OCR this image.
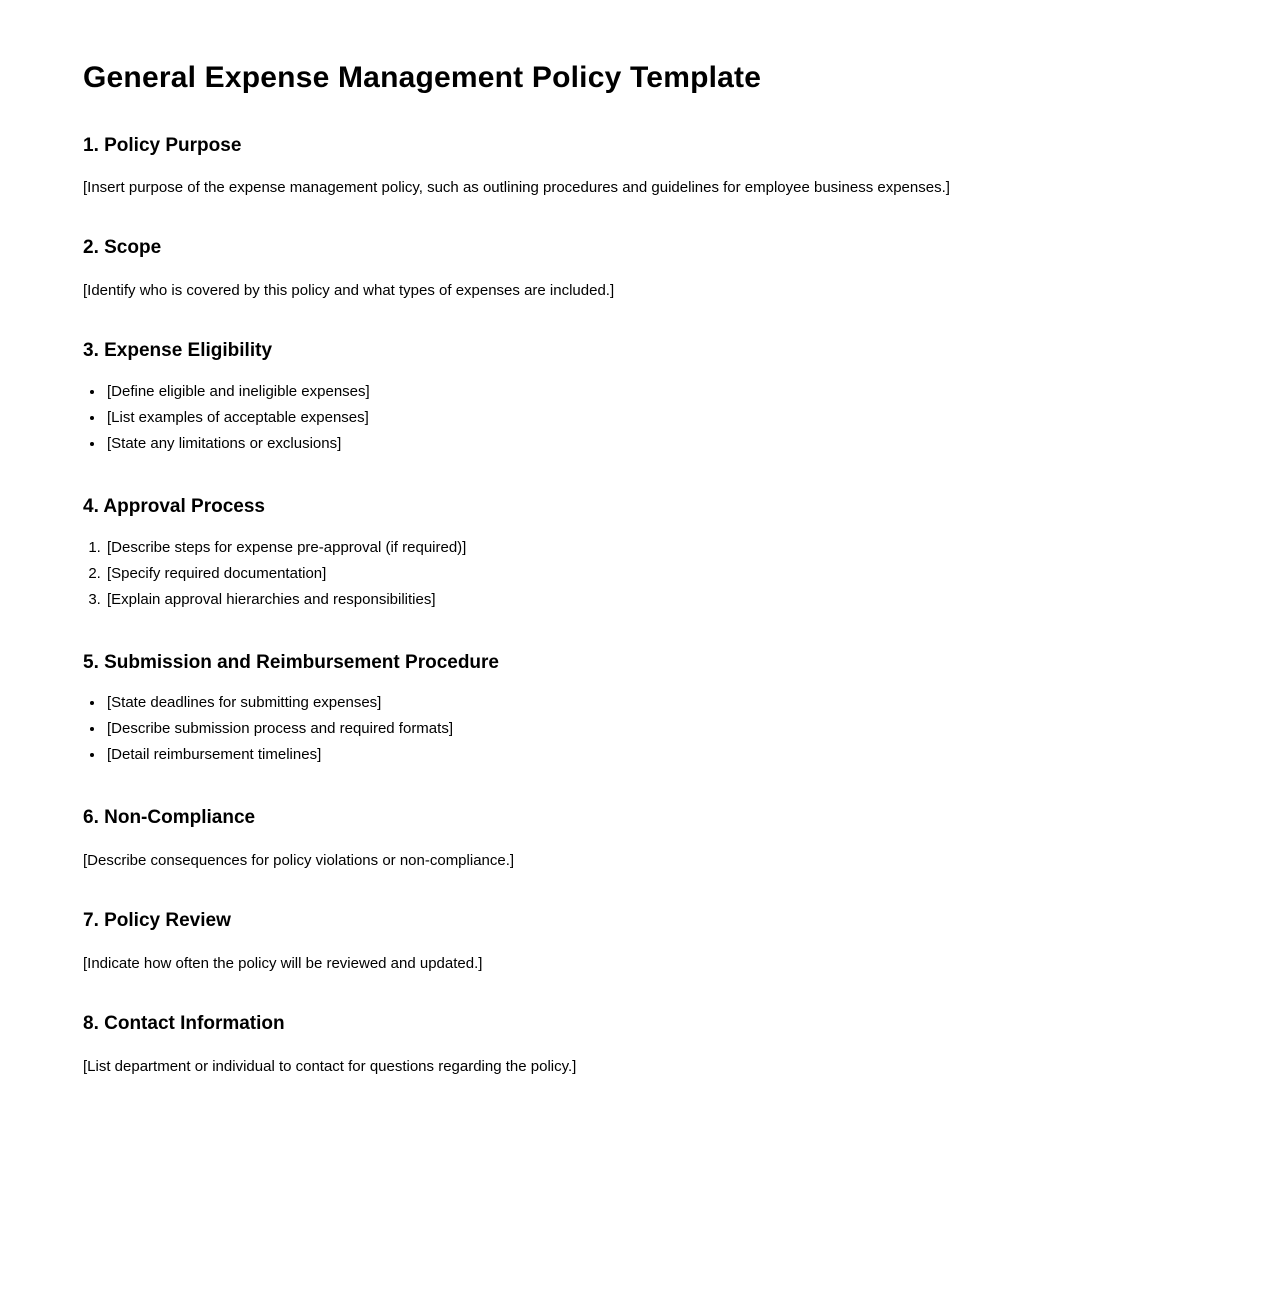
General Expense Management Policy Template
1. Policy Purpose

[Insert purpose of the expense management policy, such as outlining procedures and guidelines for employee business expenses.]

2. Scope

[Identify who is covered by this policy and what types of expenses are included.]

3. Expense Eligibility
• [Define eligible and ineligible expenses]
• [List examples of acceptable expenses]
• [State any limitations or exclusions]
4. Approval Process
1. [Describe steps for expense pre-approval (if required)]
2. [Specify required documentation]
3. [Explain approval hierarchies and responsibilities]
5. Submission and Reimbursement Procedure
• [State deadlines for submitting expenses]
• [Describe submission process and required formats]
• [Detail reimbursement timelines]
6. Non-Compliance

[Describe consequences for policy violations or non-compliance.]

7. Policy Review

[Indicate how often the policy will be reviewed and updated.]

8. Contact Information

[List department or individual to contact for questions regarding the policy.]
